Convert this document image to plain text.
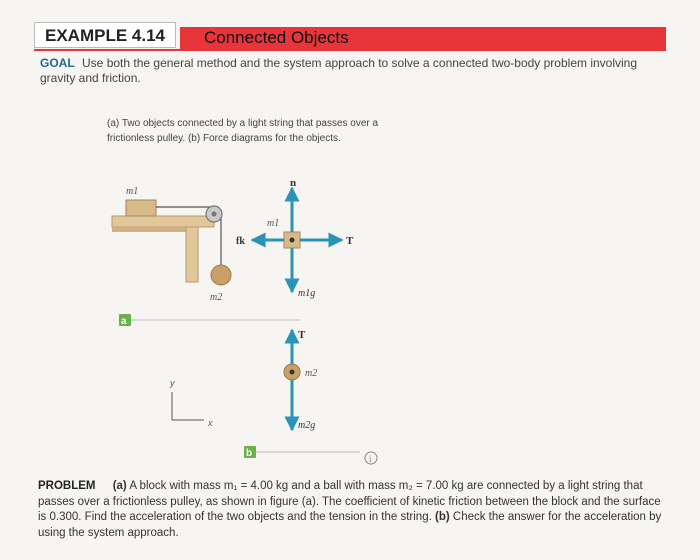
EXAMPLE 4.14	Connected Objects
GOAL Use both the general method and the system approach to solve a connected two-body problem involving gravity and friction.
(a) Two objects connected by a light string that passes over a frictionless pulley. (b) Force diagrams for the objects.
m1
m2
a
n
m1
T
fk
m1g
T
m2
m2g
y
x
b	i
PROBLEM (a) A block with mass m₁ = 4.00 kg and a ball with mass m₂ = 7.00 kg are connected by a light string that passes over a frictionless pulley, as shown in figure (a). The coefficient of kinetic friction between the block and the surface is 0.300. Find the acceleration of the two objects and the tension in the string. (b) Check the answer for the acceleration by using the system approach.
